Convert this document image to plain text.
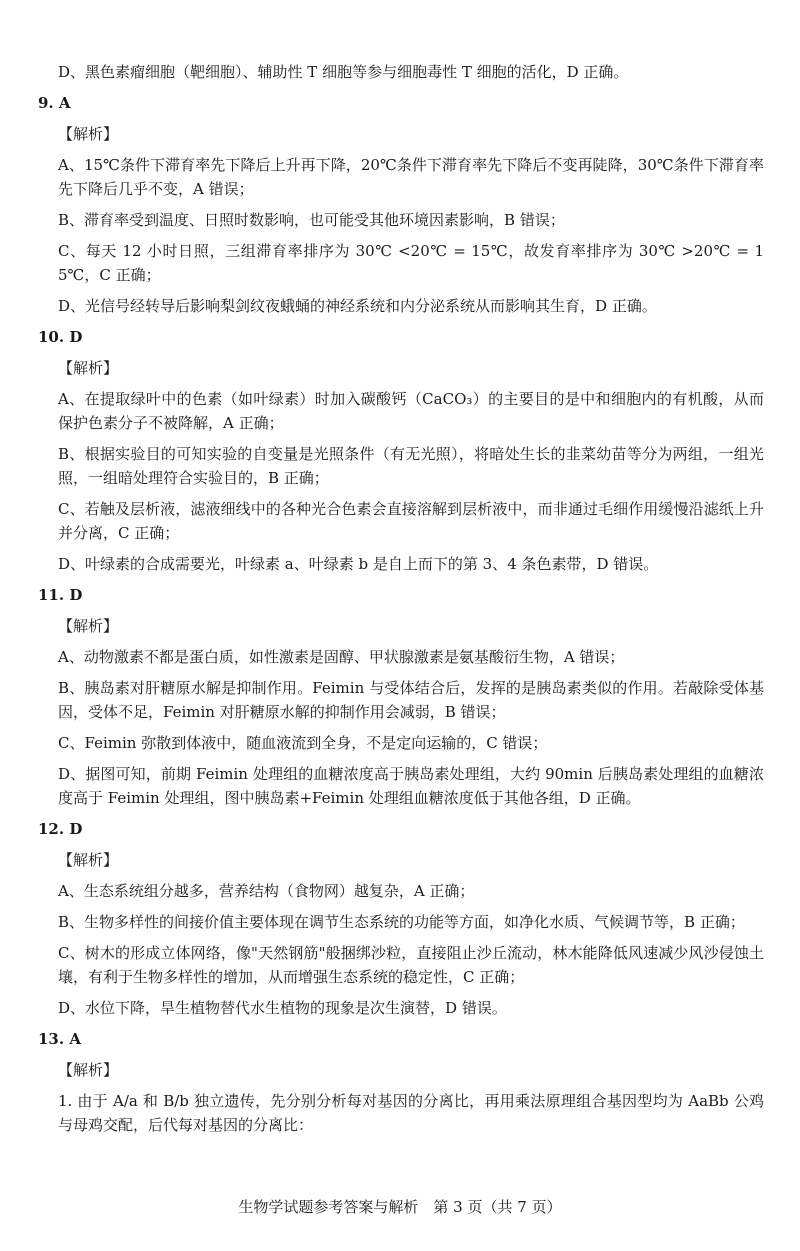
D、黑色素瘤细胞（靶细胞）、辅助性 T 细胞等参与细胞毒性 T 细胞的活化，D 正确。

9. A

【解析】

A、15℃条件下滞育率先下降后上升再下降，20℃条件下滞育率先下降后不变再陡降，30℃条件下滞育率先下降后几乎不变，A 错误；

B、滞育率受到温度、日照时数影响，也可能受其他环境因素影响，B 错误；

C、每天 12 小时日照，三组滞育率排序为 30℃ <20℃ = 15℃，故发育率排序为 30℃ >20℃ = 15℃，C 正确；

D、光信号经转导后影响梨剑纹夜蛾蛹的神经系统和内分泌系统从而影响其生育，D 正确。

10. D

【解析】

A、在提取绿叶中的色素（如叶绿素）时加入碳酸钙（CaCO₃）的主要目的是中和细胞内的有机酸，从而保护色素分子不被降解，A 正确；

B、根据实验目的可知实验的自变量是光照条件（有无光照），将暗处生长的韭菜幼苗等分为两组，一组光照，一组暗处理符合实验目的，B 正确；

C、若触及层析液，滤液细线中的各种光合色素会直接溶解到层析液中，而非通过毛细作用缓慢沿滤纸上升并分离，C 正确；

D、叶绿素的合成需要光，叶绿素 a、叶绿素 b 是自上而下的第 3、4 条色素带，D 错误。

11. D

【解析】

A、动物激素不都是蛋白质，如性激素是固醇、甲状腺激素是氨基酸衍生物，A 错误；

B、胰岛素对肝糖原水解是抑制作用。Feimin 与受体结合后，发挥的是胰岛素类似的作用。若敲除受体基因，受体不足，Feimin 对肝糖原水解的抑制作用会减弱，B 错误；

C、Feimin 弥散到体液中，随血液流到全身，不是定向运输的，C 错误；

D、据图可知，前期 Feimin 处理组的血糖浓度高于胰岛素处理组，大约 90min 后胰岛素处理组的血糖浓度高于 Feimin 处理组，图中胰岛素+Feimin 处理组血糖浓度低于其他各组，D 正确。

12. D

【解析】

A、生态系统组分越多，营养结构（食物网）越复杂，A 正确；

B、生物多样性的间接价值主要体现在调节生态系统的功能等方面，如净化水质、气候调节等，B 正确；

C、树木的形成立体网络，像"天然钢筋"般捆绑沙粒，直接阻止沙丘流动，林木能降低风速减少风沙侵蚀土壤，有利于生物多样性的增加，从而增强生态系统的稳定性，C 正确；

D、水位下降，旱生植物替代水生植物的现象是次生演替，D 错误。

13. A

【解析】

1. 由于 A/a 和 B/b 独立遗传，先分别分析每对基因的分离比，再用乘法原理组合基因型均为 AaBb 公鸡与母鸡交配，后代每对基因的分离比：

生物学试题参考答案与解析　第 3 页（共 7 页）
